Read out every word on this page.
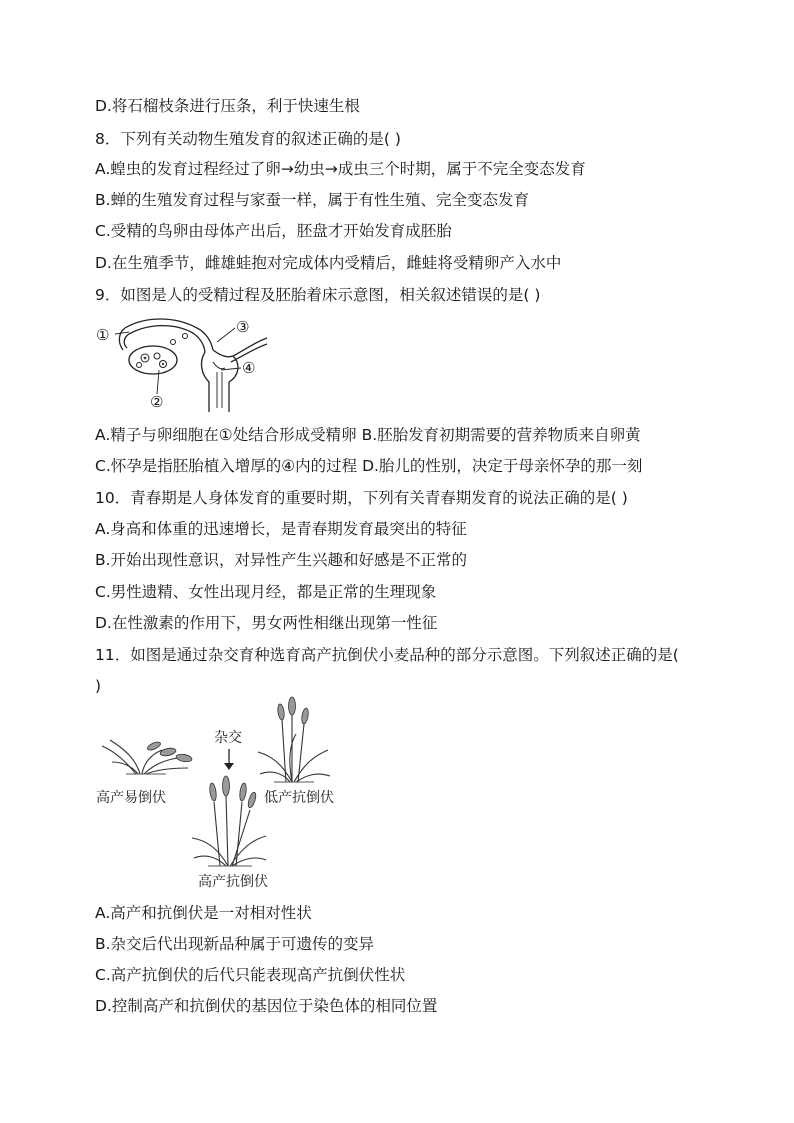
D.将石榴枝条进行压条，利于快速生根
8．下列有关动物生殖发育的叙述正确的是( )
A.蝗虫的发育过程经过了卵→幼虫→成虫三个时期，属于不完全变态发育
B.蝉的生殖发育过程与家蚕一样，属于有性生殖、完全变态发育
C.受精的鸟卵由母体产出后，胚盘才开始发育成胚胎
D.在生殖季节，雌雄蛙抱对完成体内受精后，雌蛙将受精卵产入水中
9．如图是人的受精过程及胚胎着床示意图，相关叙述错误的是( )
①
②
③
④
A.精子与卵细胞在①处结合形成受精卵 B.胚胎发育初期需要的营养物质来自卵黄
C.怀孕是指胚胎植入增厚的④内的过程 D.胎儿的性别，决定于母亲怀孕的那一刻
10．青春期是人身体发育的重要时期，下列有关青春期发育的说法正确的是( )
A.身高和体重的迅速增长，是青春期发育最突出的特征
B.开始出现性意识，对异性产生兴趣和好感是不正常的
C.男性遗精、女性出现月经，都是正常的生理现象
D.在性激素的作用下，男女两性相继出现第一性征
11．如图是通过杂交育种选育高产抗倒伏小麦品种的部分示意图。下列叙述正确的是(
)
高产易倒伏
杂交
低产抗倒伏
高产抗倒伏
A.高产和抗倒伏是一对相对性状
B.杂交后代出现新品种属于可遗传的变异
C.高产抗倒伏的后代只能表现高产抗倒伏性状
D.控制高产和抗倒伏的基因位于染色体的相同位置
